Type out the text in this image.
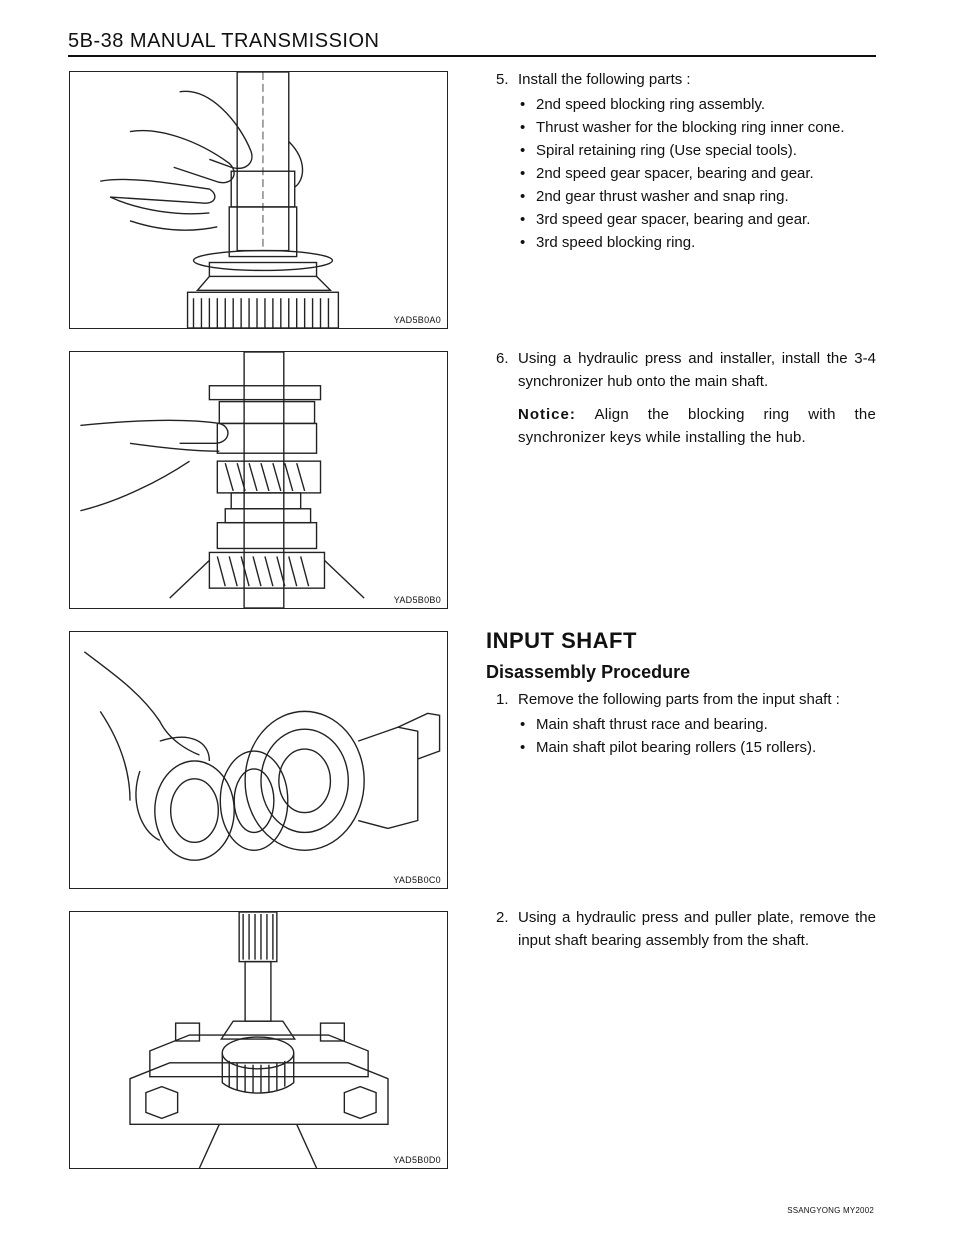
5B-38 MANUAL TRANSMISSION
YAD5B0A0
YAD5B0B0
YAD5B0C0
YAD5B0D0
5. Install the following parts :
• 2nd speed blocking ring assembly.
• Thrust washer for the blocking ring inner cone.
• Spiral retaining ring (Use special tools).
• 2nd speed gear spacer, bearing and gear.
• 2nd gear thrust washer and snap ring.
• 3rd speed gear spacer, bearing and gear.
• 3rd speed blocking ring.
6. Using a hydraulic press and installer, install the 3-4 synchronizer hub onto the main shaft.
Notice: Align the blocking ring with the synchronizer keys while installing the hub.
INPUT SHAFT
Disassembly Procedure
1. Remove the following parts from the input shaft :
• Main shaft thrust race and bearing.
• Main shaft pilot bearing rollers (15 rollers).
2. Using a hydraulic press and puller plate, remove the input shaft bearing assembly from the shaft.
SSANGYONG MY2002
